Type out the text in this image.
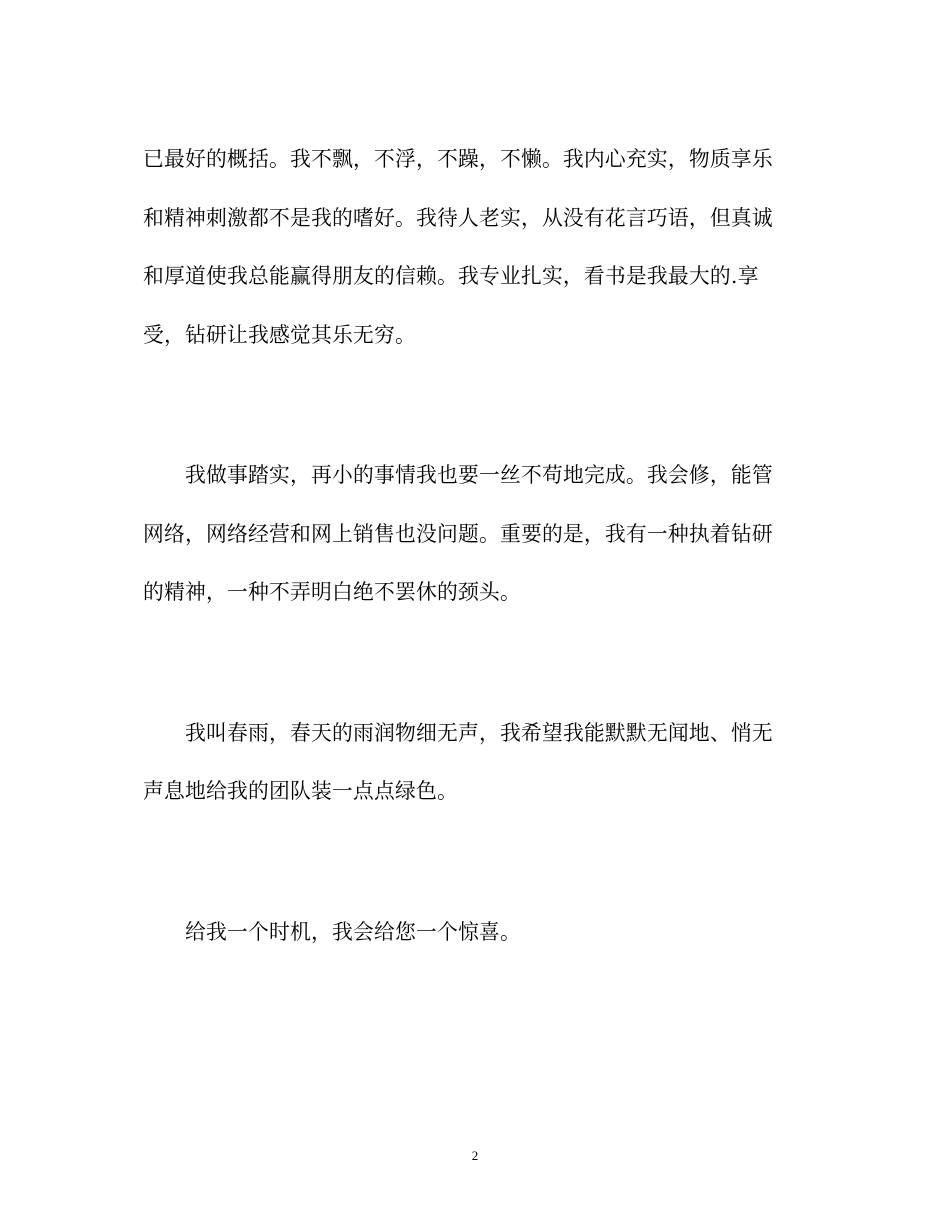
已最好的概括。我不飘，不浮，不躁，不懒。我内心充实，物质享乐
和精神刺激都不是我的嗜好。我待人老实，从没有花言巧语，但真诚
和厚道使我总能赢得朋友的信赖。我专业扎实，看书是我最大的.享
受，钻研让我感觉其乐无穷。

我做事踏实，再小的事情我也要一丝不苟地完成。我会修，能管
网络，网络经营和网上销售也没问题。重要的是，我有一种执着钻研
的精神，一种不弄明白绝不罢休的颈头。

我叫春雨，春天的雨润物细无声，我希望我能默默无闻地、悄无
声息地给我的团队装一点点绿色。

给我一个时机，我会给您一个惊喜。

2
